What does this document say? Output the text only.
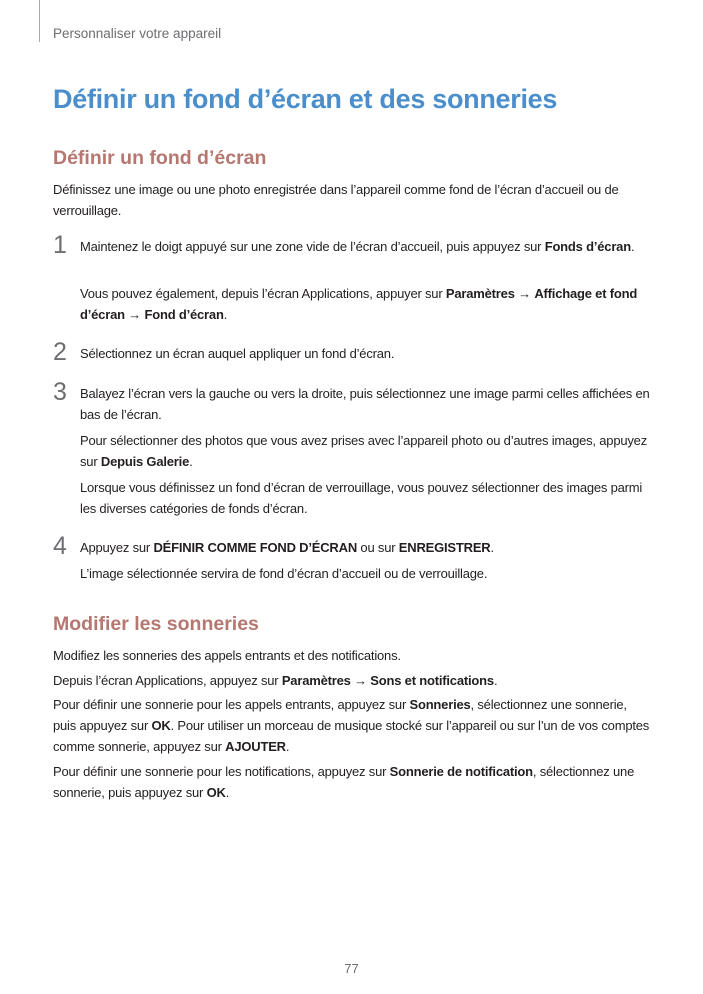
Personnaliser votre appareil
Définir un fond d’écran et des sonneries
Définir un fond d’écran

Définissez une image ou une photo enregistrée dans l’appareil comme fond de l’écran d’accueil ou de verrouillage.

1 Maintenez le doigt appuyé sur une zone vide de l’écran d’accueil, puis appuyez sur Fonds d’écran.

Vous pouvez également, depuis l’écran Applications, appuyer sur Paramètres → Affichage et fond d’écran → Fond d’écran.

2 Sélectionnez un écran auquel appliquer un fond d’écran.

3 Balayez l’écran vers la gauche ou vers la droite, puis sélectionnez une image parmi celles affichées en bas de l’écran.

Pour sélectionner des photos que vous avez prises avec l’appareil photo ou d’autres images, appuyez sur Depuis Galerie.

Lorsque vous définissez un fond d’écran de verrouillage, vous pouvez sélectionner des images parmi les diverses catégories de fonds d’écran.

4 Appuyez sur DÉFINIR COMME FOND D’ÉCRAN ou sur ENREGISTRER.

L’image sélectionnée servira de fond d’écran d’accueil ou de verrouillage.

Modifier les sonneries

Modifiez les sonneries des appels entrants et des notifications.

Depuis l’écran Applications, appuyez sur Paramètres → Sons et notifications.

Pour définir une sonnerie pour les appels entrants, appuyez sur Sonneries, sélectionnez une sonnerie, puis appuyez sur OK. Pour utiliser un morceau de musique stocké sur l’appareil ou sur l’un de vos comptes comme sonnerie, appuyez sur AJOUTER.

Pour définir une sonnerie pour les notifications, appuyez sur Sonnerie de notification, sélectionnez une sonnerie, puis appuyez sur OK.

77
